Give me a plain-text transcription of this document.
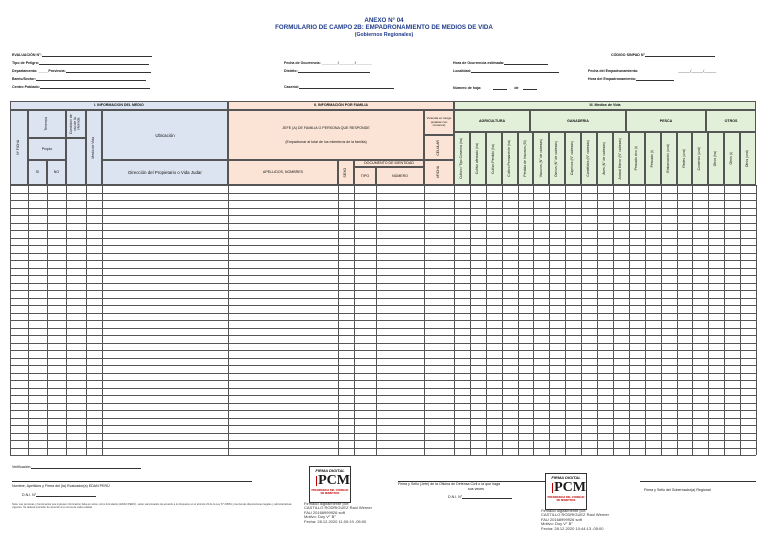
ANEXO N° 04
FORMULARIO DE CAMPO 2B: EMPADRONAMIENTO DE MEDIOS DE VIDA
(Gobiernos Regionales)
EVALUACIÓN N°:
Tipo de Peligro:
Departamento: _____Provincia:
Barrio/Sector:
Centro Poblado:
Fecha de Ocurrencia: ________/________/________
Distrito:
Caserío/:
Hora de Ocurrencia estimada:
Localidad:
Número de hoja:	de
CÓDIGO SINPAD N°
Fecha del Empadronamiento:	______/______/______
Hora del Empadronamiento:
I. INFORMACION DEL MEDIO	II. INFORMACIÓN POR FAMILIA	III. Medios de Vida
Nº FICHA
Tenencia	Condición de uso de la vivienda
Propio	Medio de Vida
SI	NO
Ubicación
Dirección del Propietario o Vida Judar
JEFE (A) DE FAMILIA O PERSONA QUE RESPONDE
(Empadronar al total de los miembros de la familia)
APELLIDOS, NOMBRES	SEXO
DOCUMENTO DE IDENTIDAD
TIPO	NÚMERO
Vivienda en riesgo (evaluar con números)
CELULAR
#FICHA
AGRICULTURA	GANADERIA	PESCA	OTROS
Cultivo / Tipo Cosecha (ha)	Cultivo afectado (ha)	Cultivo Perdido (ha)	Cultivo Permanente (ha)	Pérdida de Insumos (S/)	Vacunos (N° de cabezas)	Ovinos (N° de cabezas)	Caprinos (N° cabezas)	Camélidos (N° cabezas)	Aves (N° de cabezas)	Animal Menor (N° cabezas)	Pescado vivo (t)	Pescado (t)	Embarcación (und)	Redes (und)	Comercio (und)	Otros (ha)	Otros (t)	Otros (und)
Verificación:
Nombre, Apellidos y Firma del (la) Evaluador(a) EDAN PERÚ
D.N.I. N°
Nota: Las personas y funcionarios que ingresen información falsa en estos, otros formularios (EDAN PERÚ), serán sancionados de acuerdo a lo dispuesto en el artículo 33 de la Ley N° 29664 y las demás disposiciones legales y administrativas vigentes. Se deberá proceder de acuerdo a la norma de cada entidad.
Firma y Sello (Jefe) de la Oficina de Defensa Civil o la que haga
sus veces
D.N.I. N°
Firma y Sello del Gobernador(a) Regional
FIRMA DIGITAL
PCM
PRESIDENCIA DEL CONSEJO DE MINISTROS
Firmado digitalmente por:
CASTILLO RODRIGUEZ Raúl Werner
FAU 20168999926 soft
Motivo: Doy V° B°
Fecha: 28.12.2020 11:00:19 -05:00
FIRMA DIGITAL
PCM
PRESIDENCIA DEL CONSEJO DE MINISTROS
Firmado digitalmente por:
CASTILLO RODRIGUEZ Raúl Werner
FAU 20168999926 soft
Motivo: Doy V° B°
Fecha: 28.12.2020 10:44:13 -05:00
